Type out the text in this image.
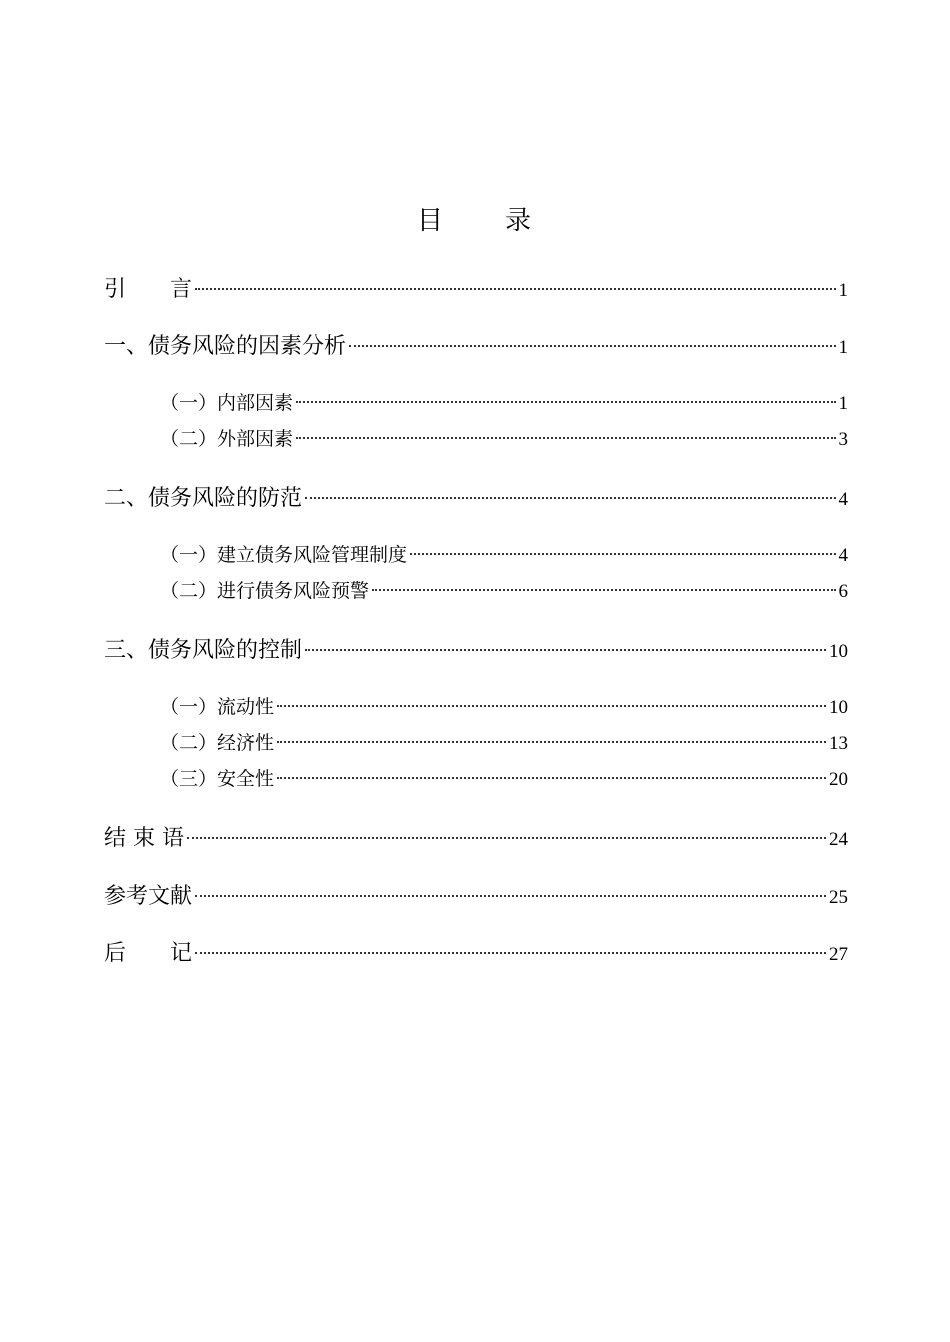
目 录
引　　言	1
一、债务风险的因素分析	1
（一）内部因素	1
（二）外部因素	3
二、债务风险的防范	4
（一）建立债务风险管理制度	4
（二）进行债务风险预警	6
三、债务风险的控制	10
（一）流动性	10
（二）经济性	13
（三）安全性	20
结 束 语	24
参考文献	25
后　　记	27
